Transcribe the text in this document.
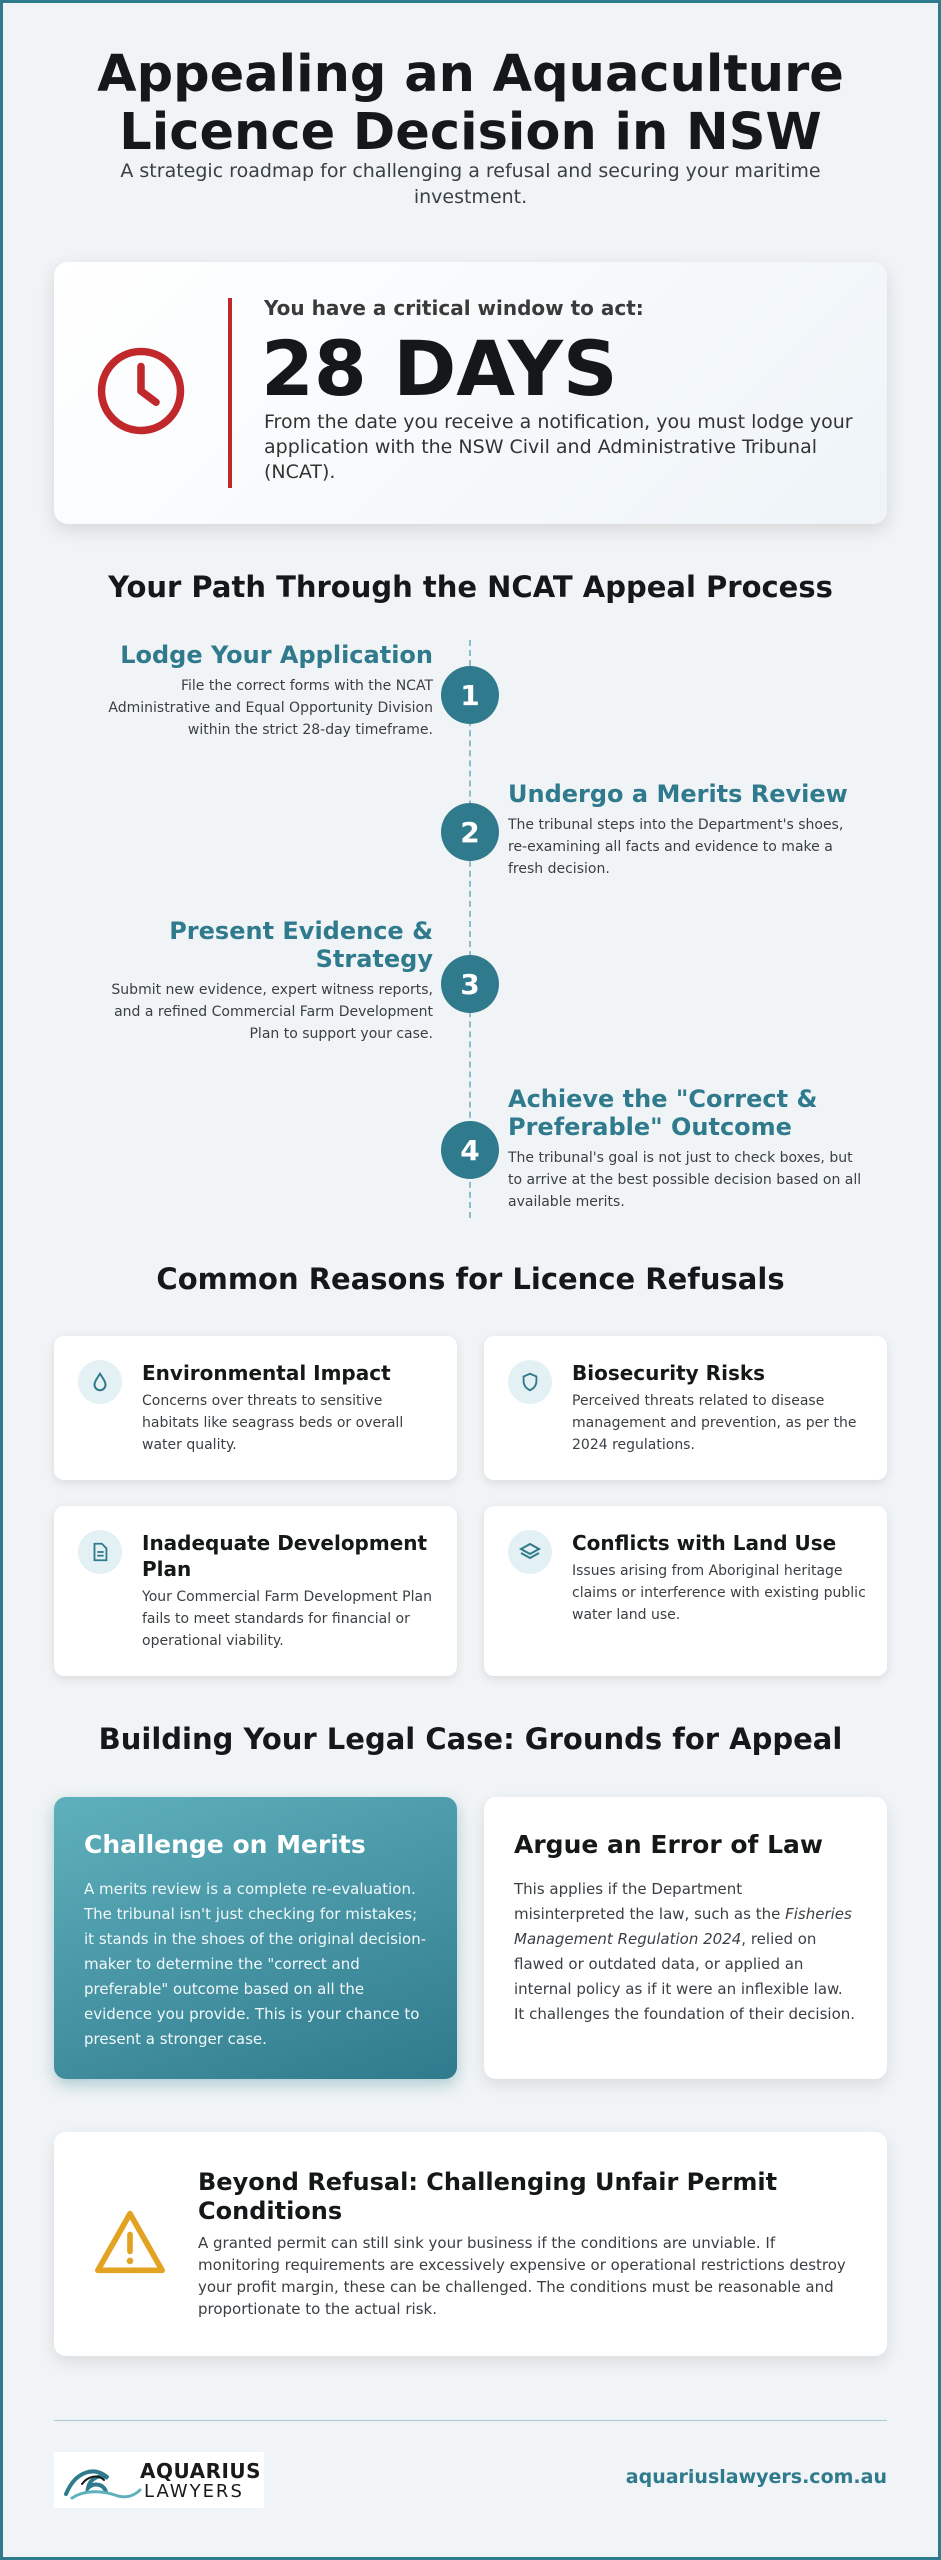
Appealing an Aquaculture
Licence Decision in NSW

A strategic roadmap for challenging a refusal and securing your maritime investment.

You have a critical window to act:
28 DAYS
From the date you receive a notification, you must lodge your application with the NSW Civil and Administrative Tribunal (NCAT).
Your Path Through the NCAT Appeal Process
Lodge Your Application
File the correct forms with the NCAT Administrative and Equal Opportunity Division within the strict 28-day timeframe.
1
2
Undergo a Merits Review
The tribunal steps into the Department's shoes, re-examining all facts and evidence to make a fresh decision.
Present Evidence &
Strategy
Submit new evidence, expert witness reports, and a refined Commercial Farm Development Plan to support your case.
3
4
Achieve the "Correct &
Preferable" Outcome
The tribunal's goal is not just to check boxes, but to arrive at the best possible decision based on all available merits.
Common Reasons for Licence Refusals
Environmental Impact
Concerns over threats to sensitive habitats like seagrass beds or overall water quality.
Biosecurity Risks
Perceived threats related to disease management and prevention, as per the 2024 regulations.
Inadequate Development
Plan
Your Commercial Farm Development Plan fails to meet standards for financial or operational viability.
Conflicts with Land Use
Issues arising from Aboriginal heritage claims or interference with existing public water land use.
Building Your Legal Case: Grounds for Appeal
Challenge on Merits
A merits review is a complete re-evaluation. The tribunal isn't just checking for mistakes; it stands in the shoes of the original decision-maker to determine the "correct and preferable" outcome based on all the evidence you provide. This is your chance to present a stronger case.
Argue an Error of Law
This applies if the Department misinterpreted the law, such as the Fisheries Management Regulation 2024, relied on flawed or outdated data, or applied an internal policy as if it were an inflexible law. It challenges the foundation of their decision.
Beyond Refusal: Challenging Unfair Permit Conditions
A granted permit can still sink your business if the conditions are unviable. If monitoring requirements are excessively expensive or operational restrictions destroy your profit margin, these can be challenged. The conditions must be reasonable and proportionate to the actual risk.
AQUARIUS
LAWYERS
aquariuslawyers.com.au
